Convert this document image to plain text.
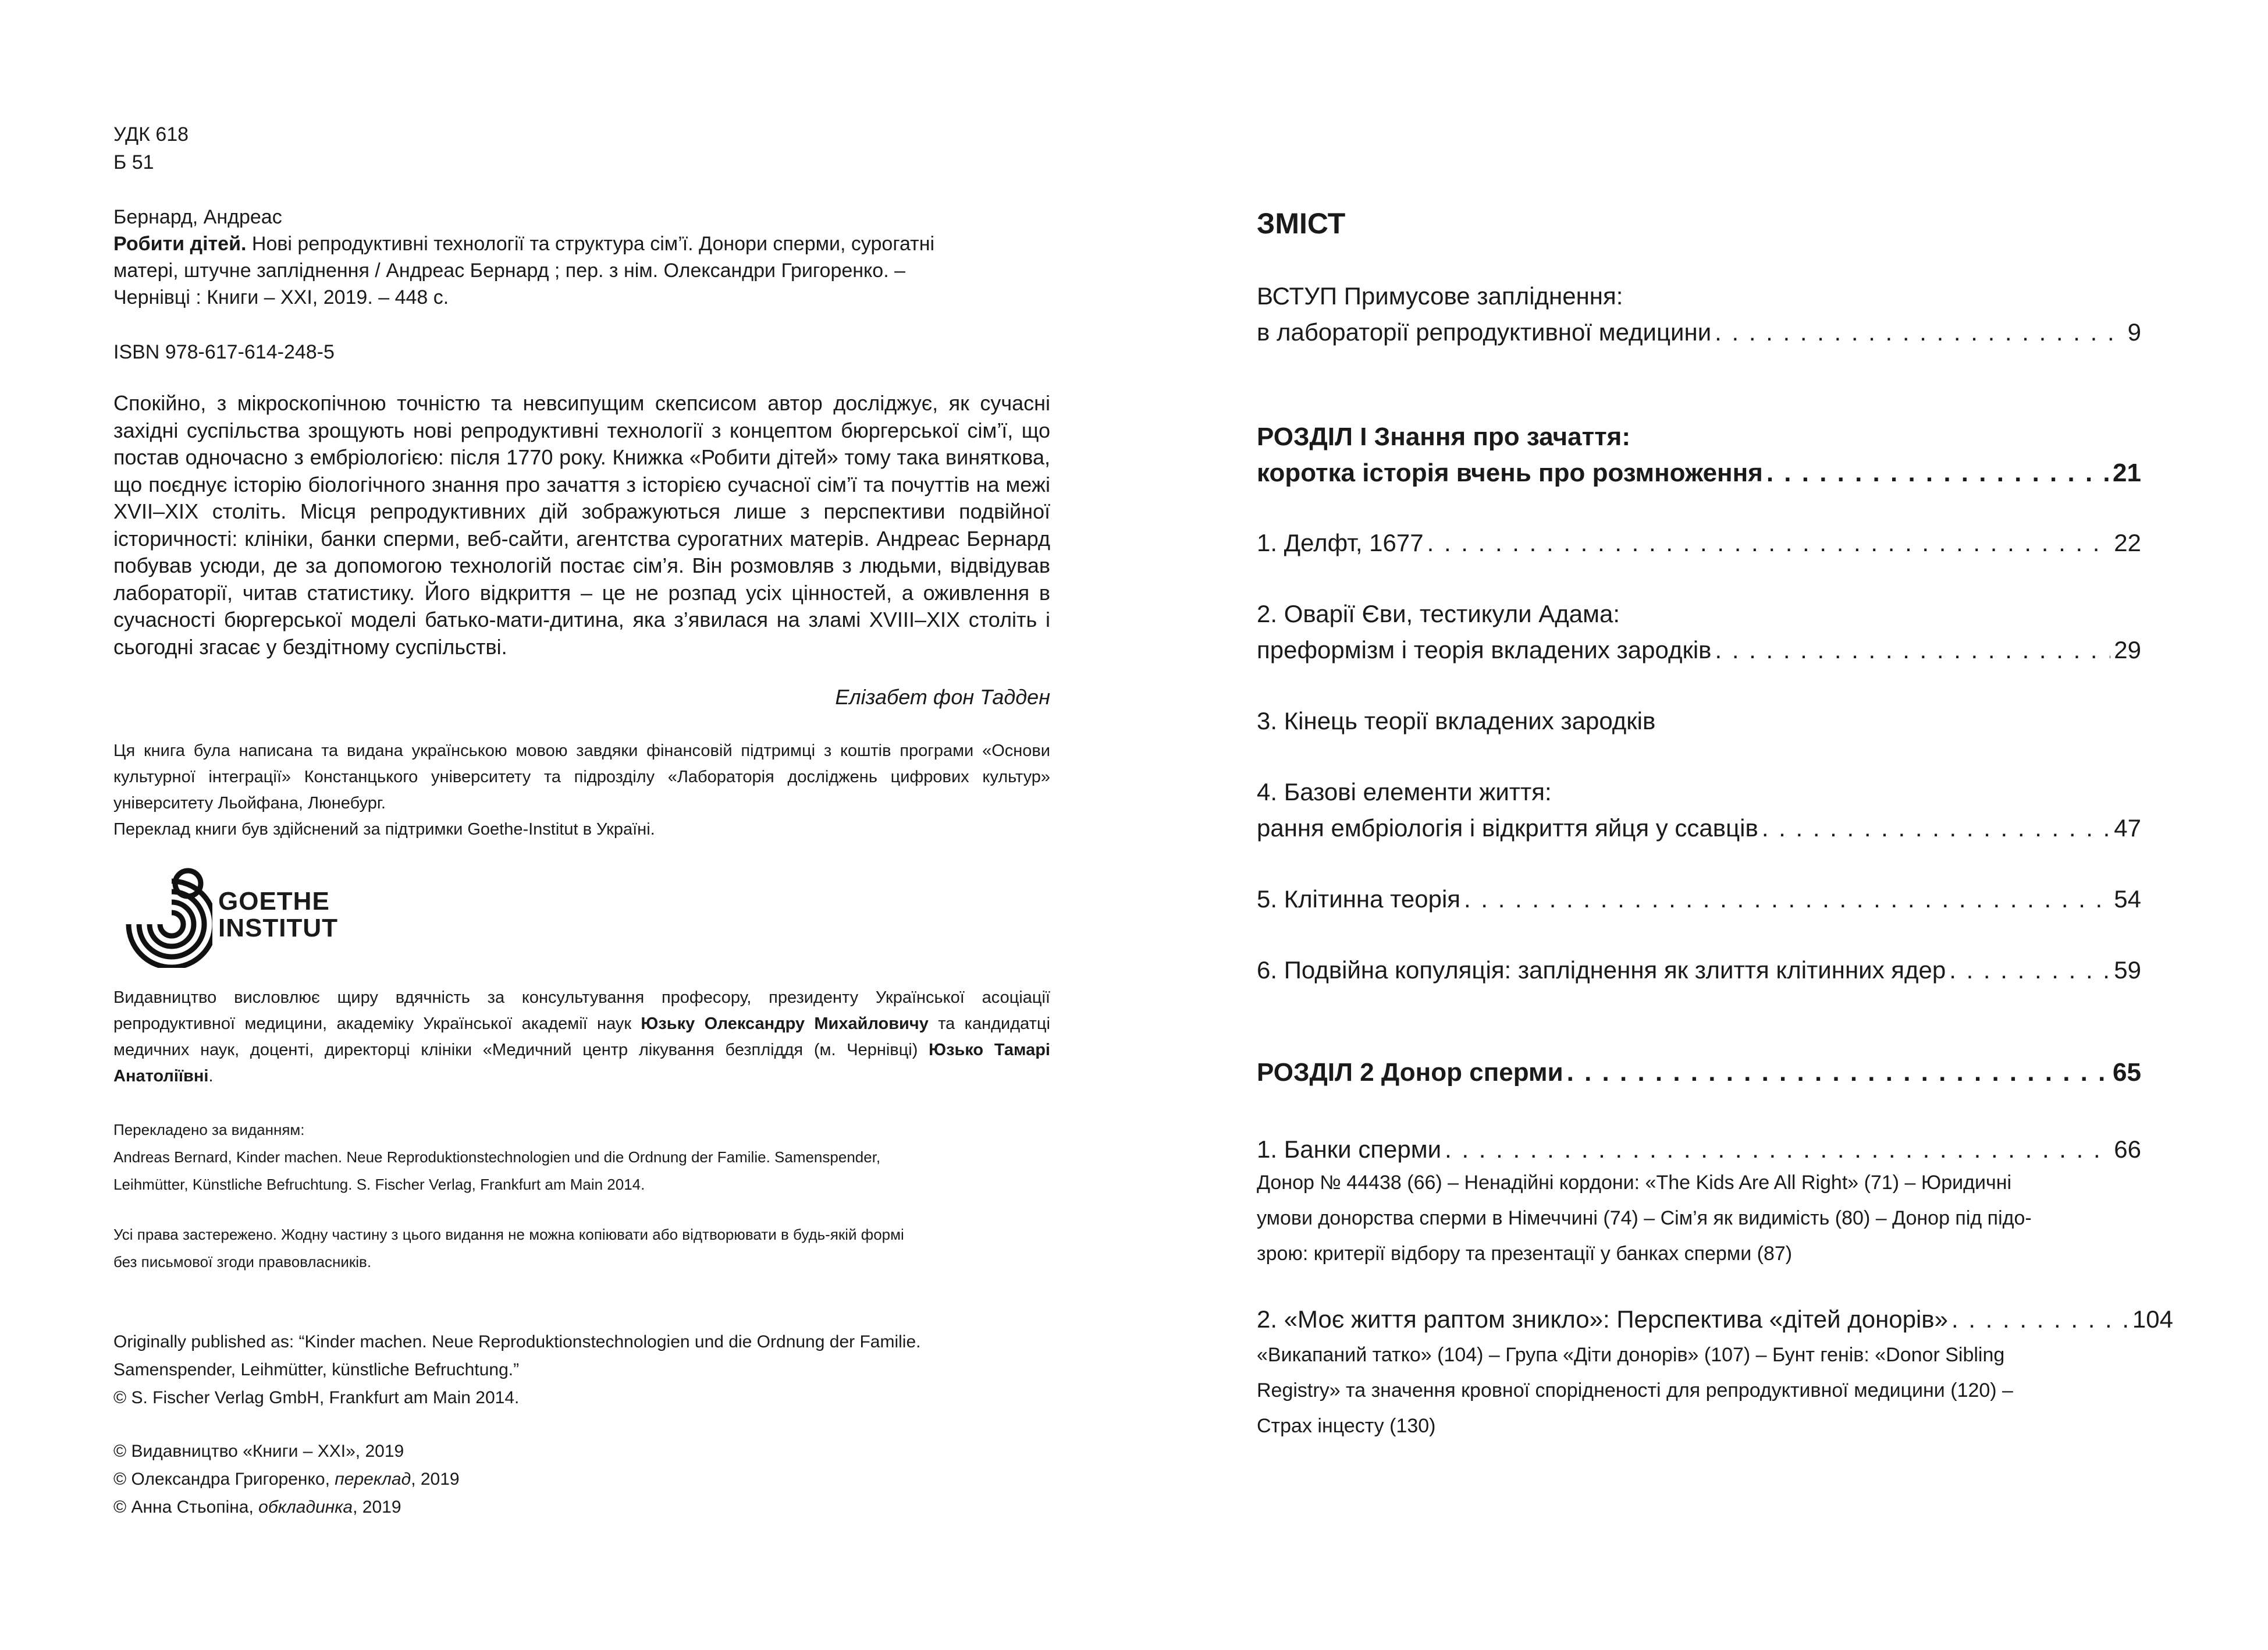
УДК 618
Б 51
Бернард, Андреас
Робити дітей. Нові репродуктивні технології та структура сім’ї. Донори сперми, сурогатні
матері, штучне запліднення / Андреас Бернард ; пер. з нім. Олександри Григоренко. –
Чернівці : Книги – ХХІ, 2019. – 448 с.
ISBN 978-617-614-248-5
Спокійно, з мікроскопічною точністю та невсипущим скепсисом автор досліджує, як сучасні західні суспільства зрощують нові репродуктивні технології з концептом бюргерської сім’ї, що постав одночасно з ембріологією: після 1770 року. Книжка «Робити дітей» тому така виняткова, що поєднує історію біологічного знання про зачаття з історією сучасної сім’ї та почуттів на межі XVII–XIX століть. Місця репродуктивних дій зображуються лише з перспективи подвійної історичності: клініки, банки сперми, веб-сайти, агентства сурогатних матерів. Андреас Бернард побував усюди, де за допомогою технологій постає сім’я. Він розмовляв з людьми, відвідував лабораторії, читав статистику. Його відкриття – це не розпад усіх цінностей, а оживлення в сучасності бюргерської моделі батько-мати-дитина, яка з’явилася на зламі XVIII–XIX століть і сьогодні згасає у бездітному суспільстві.
Елізабет фон Тадден
Ця книга була написана та видана українською мовою завдяки фінансовій підтримці з коштів програми «Основи культурної інтеграції» Констанцького університету та підрозділу «Лабораторія досліджень цифрових культур» університету Льойфана, Люнебург.
Переклад книги був здійснений за підтримки Goethe-Institut в Україні.
GOETHE
INSTITUT
Видавництво висловлює щиру вдячність за консультування професору, президенту Української асоціації репродуктивної медицини, академіку Української академії наук Юзьку Олександру Михайловичу та кандидатці медичних наук, доценті, директорці клініки «Медичний центр лікування безпліддя (м. Чернівці) Юзько Тамарі Анатоліївні.
Перекладено за виданням:
Andreas Bernard, Kinder machen. Neue Reproduktionstechnologien und die Ordnung der Familie. Samenspender,
Leihmütter, Künstliche Befruchtung. S. Fischer Verlag, Frankfurt am Main 2014.
Усі права застережено. Жодну частину з цього видання не можна копіювати або відтворювати в будь-якій формі
без письмової згоди правовласників.
Originally published as: “Kinder machen. Neue Reproduktionstechnologien und die Ordnung der Familie.
Samenspender, Leihmütter, künstliche Befruchtung.”
© S. Fischer Verlag GmbH, Frankfurt am Main 2014.
© Видавництво «Книги – ХХІ», 2019
© Олександра Григоренко, переклад, 2019
© Анна Стьопіна, обкладинка, 2019
ЗМІСТ
ВСТУП Примусове запліднення:
в лабораторії репродуктивної медицини . . .	9
РОЗДІЛ І Знання про зачаття:
коротка історія вчень про розмноження . . .	21
1. Делфт, 1677 . . .	22
2. Оварії Єви, тестикули Адама:
преформізм і теорія вкладених зародків . . .	29
3. Кінець теорії вкладених зародків
4. Базові елементи життя:
рання ембріологія і відкриття яйця у ссавців . . .	47
5. Клітинна теорія . . .	54
6. Подвійна копуляція: запліднення як злиття клітинних ядер . . .	59
РОЗДІЛ 2 Донор сперми . . .	65
1. Банки сперми . . .	66
Донор № 44438 (66) – Ненадійні кордони: «The Kids Are All Right» (71) – Юридичні
умови донорства сперми в Німеччині (74) – Сім’я як видимість (80) – Донор під підо-
зрою: критерії відбору та презентації у банках сперми (87)
2. «Моє життя раптом зникло»: Перспектива «дітей донорів» . . .	104
«Викапаний татко» (104) – Група «Діти донорів» (107) – Бунт генів: «Donor Sibling
Registry» та значення кровної спорідненості для репродуктивної медицини (120) –
Страх інцесту (130)
